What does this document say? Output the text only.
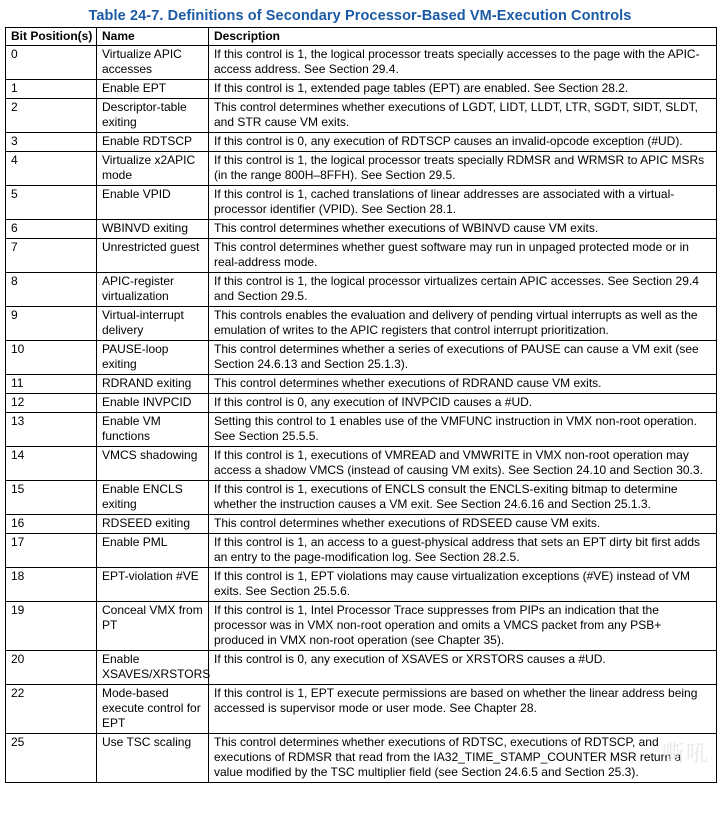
Table 24-7. Definitions of Secondary Processor-Based VM-Execution Controls
Bit Position(s)	Name	Description
0	Virtualize APIC accesses	If this control is 1, the logical processor treats specially accesses to the page with the APIC-access address. See Section 29.4.
1	Enable EPT	If this control is 1, extended page tables (EPT) are enabled. See Section 28.2.
2	Descriptor-table exiting	This control determines whether executions of LGDT, LIDT, LLDT, LTR, SGDT, SIDT, SLDT, and STR cause VM exits.
3	Enable RDTSCP	If this control is 0, any execution of RDTSCP causes an invalid-opcode exception (#UD).
4	Virtualize x2APIC mode	If this control is 1, the logical processor treats specially RDMSR and WRMSR to APIC MSRs (in the range 800H–8FFH). See Section 29.5.
5	Enable VPID	If this control is 1, cached translations of linear addresses are associated with a virtual-processor identifier (VPID). See Section 28.1.
6	WBINVD exiting	This control determines whether executions of WBINVD cause VM exits.
7	Unrestricted guest	This control determines whether guest software may run in unpaged protected mode or in real-address mode.
8	APIC-register virtualization	If this control is 1, the logical processor virtualizes certain APIC accesses. See Section 29.4 and Section 29.5.
9	Virtual-interrupt delivery	This controls enables the evaluation and delivery of pending virtual interrupts as well as the emulation of writes to the APIC registers that control interrupt prioritization.
10	PAUSE-loop exiting	This control determines whether a series of executions of PAUSE can cause a VM exit (see Section 24.6.13 and Section 25.1.3).
11	RDRAND exiting	This control determines whether executions of RDRAND cause VM exits.
12	Enable INVPCID	If this control is 0, any execution of INVPCID causes a #UD.
13	Enable VM functions	Setting this control to 1 enables use of the VMFUNC instruction in VMX non-root operation. See Section 25.5.5.
14	VMCS shadowing	If this control is 1, executions of VMREAD and VMWRITE in VMX non-root operation may access a shadow VMCS (instead of causing VM exits). See Section 24.10 and Section 30.3.
15	Enable ENCLS exiting	If this control is 1, executions of ENCLS consult the ENCLS-exiting bitmap to determine whether the instruction causes a VM exit. See Section 24.6.16 and Section 25.1.3.
16	RDSEED exiting	This control determines whether executions of RDSEED cause VM exits.
17	Enable PML	If this control is 1, an access to a guest-physical address that sets an EPT dirty bit first adds an entry to the page-modification log. See Section 28.2.5.
18	EPT-violation #VE	If this control is 1, EPT violations may cause virtualization exceptions (#VE) instead of VM exits. See Section 25.5.6.
19	Conceal VMX from PT	If this control is 1, Intel Processor Trace suppresses from PIPs an indication that the processor was in VMX non-root operation and omits a VMCS packet from any PSB+ produced in VMX non-root operation (see Chapter 35).
20	Enable XSAVES/XRSTORS	If this control is 0, any execution of XSAVES or XRSTORS causes a #UD.
22	Mode-based execute control for EPT	If this control is 1, EPT execute permissions are based on whether the linear address being accessed is supervisor mode or user mode. See Chapter 28.
25	Use TSC scaling	This control determines whether executions of RDTSC, executions of RDTSCP, and executions of RDMSR that read from the IA32_TIME_STAMP_COUNTER MSR return a value modified by the TSC multiplier field (see Section 24.6.5 and Section 25.3).
嘶吼
